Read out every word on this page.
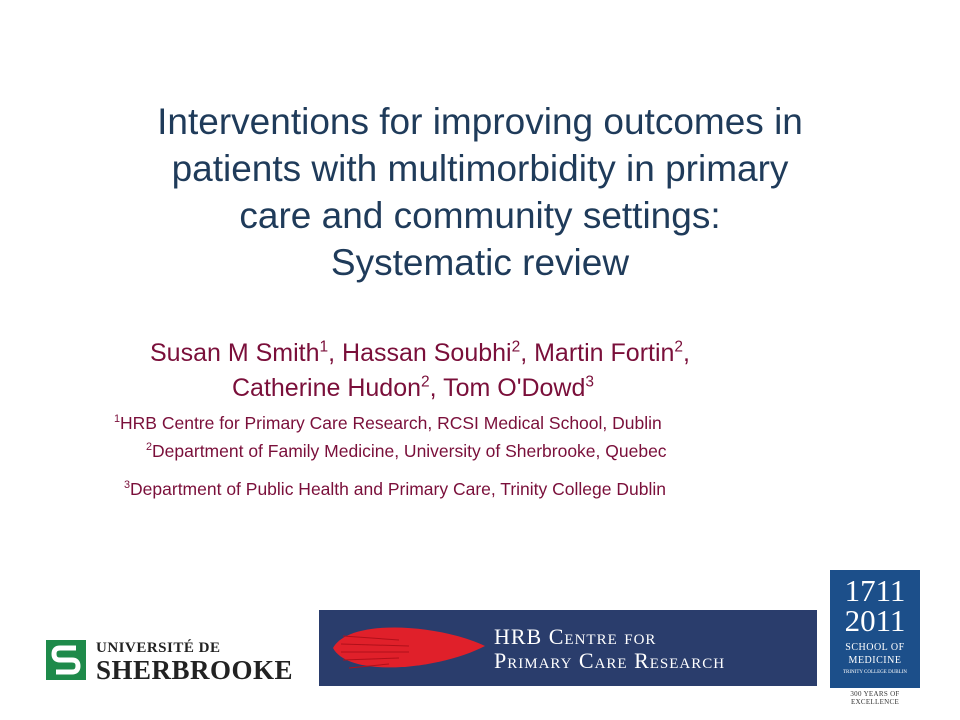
Interventions for improving outcomes in
patients with multimorbidity in primary
care and community settings:
Systematic review
Susan M Smith$^1$, Hassan Soubhi$^2$, Martin Fortin$^2$,
Catherine Hudon$^2$, Tom O'Dowd$^3$
$^1$HRB Centre for Primary Care Research, RCSI Medical School, Dublin
$^2$Department of Family Medicine, University of Sherbrooke, Quebec
$^3$Department of Public Health and Primary Care, Trinity College Dublin
UNIVERSITÉ DE
SHERBROOKE
HRB Centre for
Primary Care Research
1711
2011
SCHOOL OF
MEDICINE
TRINITY COLLEGE DUBLIN
300 YEARS OF EXCELLENCE
